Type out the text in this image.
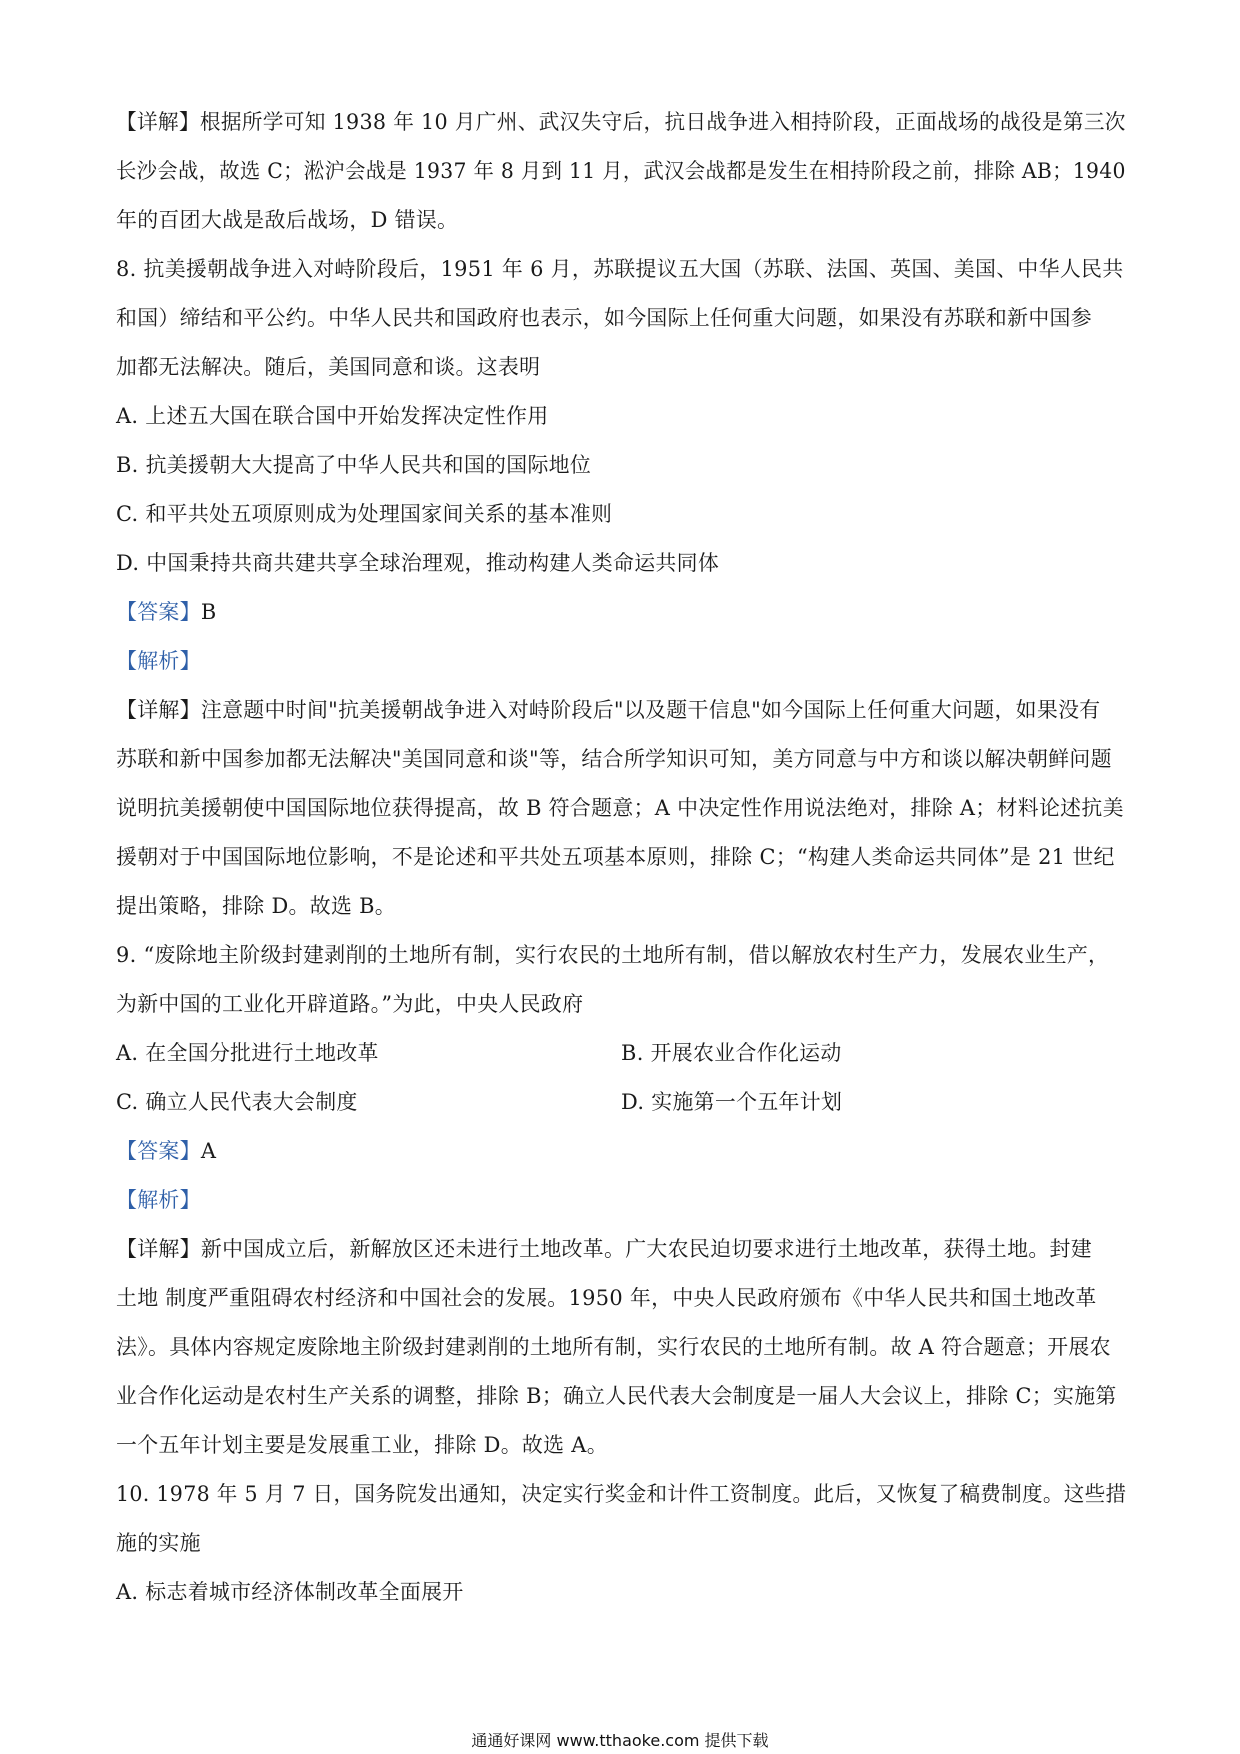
【详解】根据所学可知 1938 年 10 月广州、武汉失守后，抗日战争进入相持阶段，正面战场的战役是第三次
长沙会战，故选 C；淞沪会战是 1937 年 8 月到 11 月，武汉会战都是发生在相持阶段之前，排除 AB；1940
年的百团大战是敌后战场，D 错误。
8. 抗美援朝战争进入对峙阶段后，1951 年 6 月，苏联提议五大国（苏联、法国、英国、美国、中华人民共
和国）缔结和平公约。中华人民共和国政府也表示，如今国际上任何重大问题，如果没有苏联和新中国参
加都无法解决。随后，美国同意和谈。这表明
A. 上述五大国在联合国中开始发挥决定性作用
B. 抗美援朝大大提高了中华人民共和国的国际地位
C. 和平共处五项原则成为处理国家间关系的基本准则
D. 中国秉持共商共建共享全球治理观，推动构建人类命运共同体
【答案】B
【解析】
【详解】注意题中时间"抗美援朝战争进入对峙阶段后"以及题干信息"如今国际上任何重大问题，如果没有
苏联和新中国参加都无法解决"美国同意和谈"等，结合所学知识可知，美方同意与中方和谈以解决朝鲜问题
说明抗美援朝使中国国际地位获得提高，故 B 符合题意；A 中决定性作用说法绝对，排除 A；材料论述抗美
援朝对于中国国际地位影响，不是论述和平共处五项基本原则，排除 C；“构建人类命运共同体”是 21 世纪
提出策略，排除 D。故选 B。
9. “废除地主阶级封建剥削的土地所有制，实行农民的土地所有制，借以解放农村生产力，发展农业生产，
为新中国的工业化开辟道路。”为此，中央人民政府
A. 在全国分批进行土地改革	B. 开展农业合作化运动
C. 确立人民代表大会制度	D. 实施第一个五年计划
【答案】A
【解析】
【详解】新中国成立后，新解放区还未进行土地改革。广大农民迫切要求进行土地改革，获得土地。封建
土地 制度严重阻碍农村经济和中国社会的发展。1950 年，中央人民政府颁布《中华人民共和国土地改革
法》。具体内容规定废除地主阶级封建剥削的土地所有制，实行农民的土地所有制。故 A 符合题意；开展农
业合作化运动是农村生产关系的调整，排除 B；确立人民代表大会制度是一届人大会议上，排除 C；实施第
一个五年计划主要是发展重工业，排除 D。故选 A。
10. 1978 年 5 月 7 日，国务院发出通知，决定实行奖金和计件工资制度。此后，又恢复了稿费制度。这些措
施的实施
A. 标志着城市经济体制改革全面展开
通通好课网 www.tthaoke.com 提供下载
